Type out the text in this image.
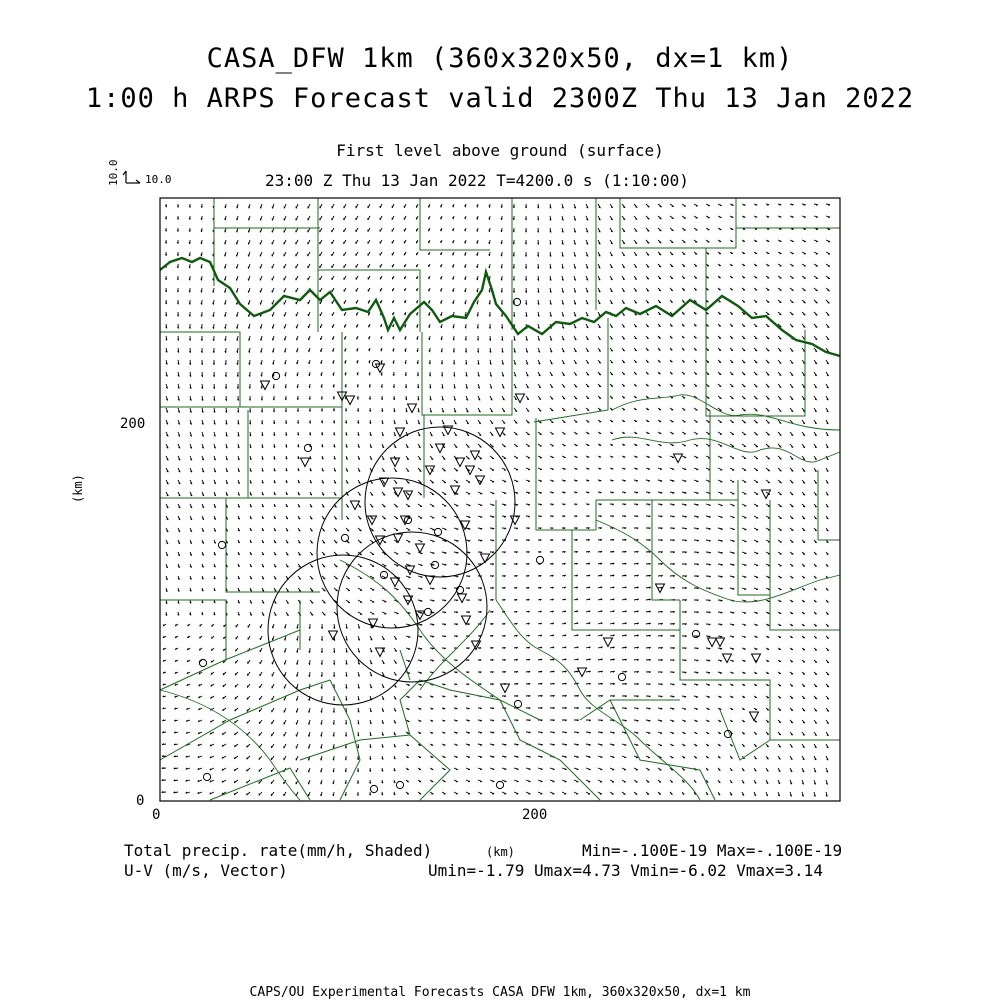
CASA_DFW 1km (360x320x50, dx=1 km)
1:00 h ARPS Forecast valid 2300Z Thu 13 Jan 2022
First level above ground (surface)
23:00 Z Thu 13 Jan 2022 T=4200.0 s (1:10:00)
10.0 10.0
0	200
0
200
(km)
(km)
Total precip. rate(mm/h, Shaded)	Min=-.100E-19 Max=-.100E-19
U-V (m/s, Vector)	Umin=-1.79 Umax=4.73 Vmin=-6.02 Vmax=3.14
CAPS/OU Experimental Forecasts CASA DFW 1km, 360x320x50, dx=1 km
